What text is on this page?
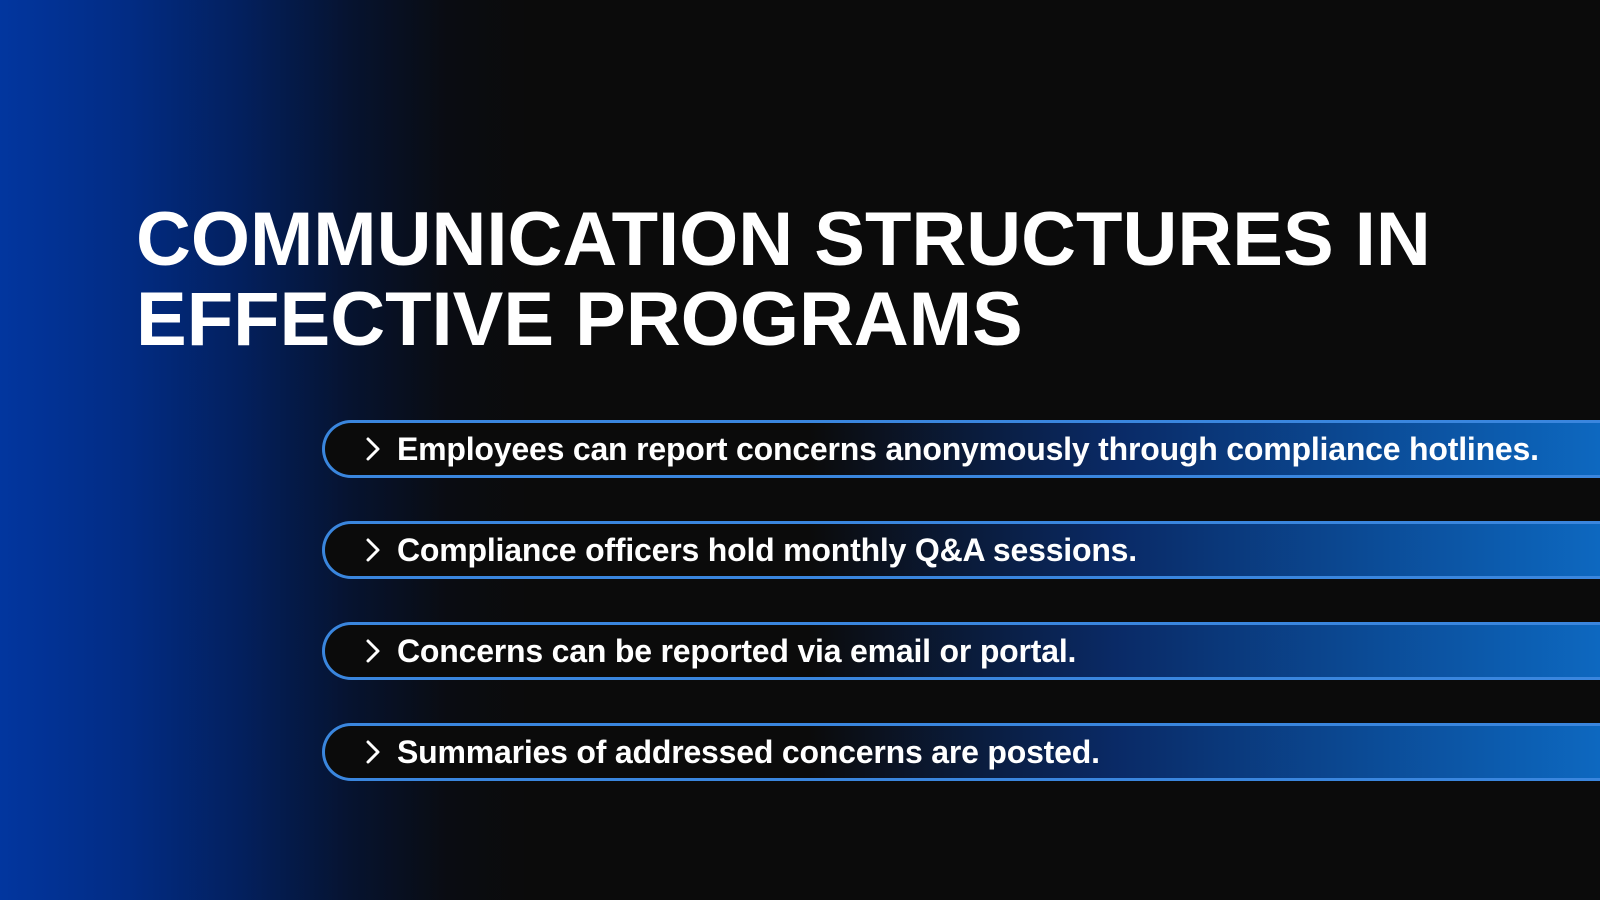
COMMUNICATION STRUCTURES IN
EFFECTIVE PROGRAMS
Employees can report concerns anonymously through compliance hotlines.
Compliance officers hold monthly Q&A sessions.
Concerns can be reported via email or portal.
Summaries of addressed concerns are posted.
